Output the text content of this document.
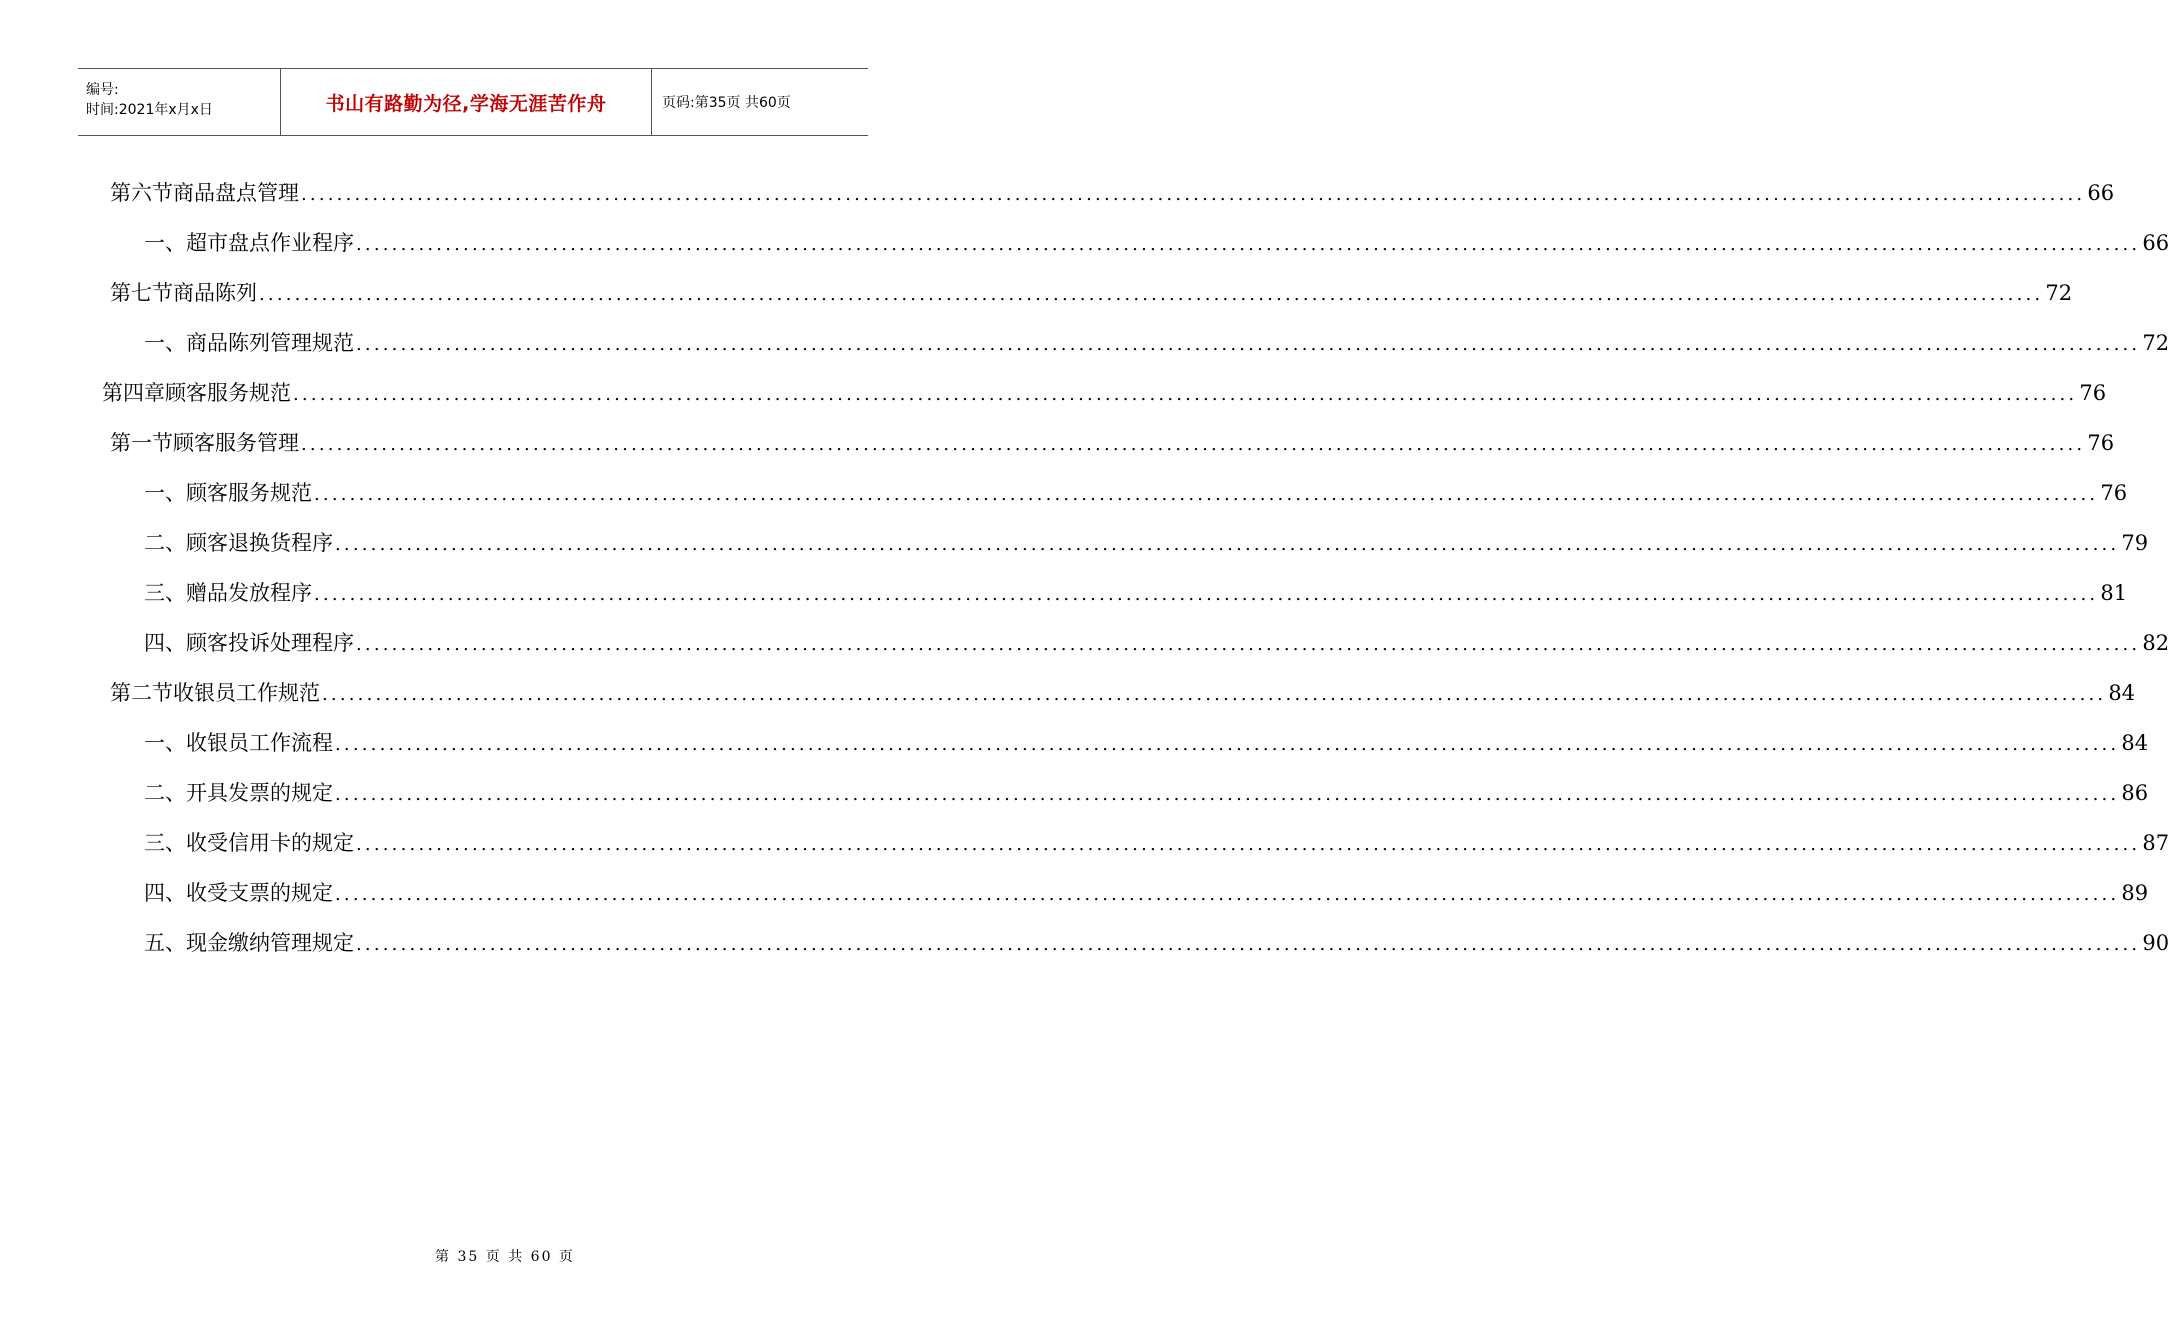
编号:
时间:2021年x月x日	书山有路勤为径,学海无涯苦作舟	页码:第35页 共60页
第六节 商品盘点管理 ........................................................................................................................................................................................................ 66
一、 超市盘点作业程序 ........................................................................................................................................................................................................ 66
第七节 商品陈列 ........................................................................................................................................................................................................ 72
一、 商品陈列管理规范 ........................................................................................................................................................................................................ 72
第四章 顾客服务规范 ........................................................................................................................................................................................................ 76
第一节 顾客服务管理 ........................................................................................................................................................................................................ 76
一、 顾客服务规范 ........................................................................................................................................................................................................ 76
二、 顾客退换货程序 ........................................................................................................................................................................................................ 79
三、 赠品发放程序 ........................................................................................................................................................................................................ 81
四、 顾客投诉处理程序 ........................................................................................................................................................................................................ 82
第二节 收银员工作规范 ........................................................................................................................................................................................................ 84
一、 收银员工作流程 ........................................................................................................................................................................................................ 84
二、 开具发票的规定 ........................................................................................................................................................................................................ 86
三、 收受信用卡的规定 ........................................................................................................................................................................................................ 87
四、 收受支票的规定 ........................................................................................................................................................................................................ 89
五、 现金缴纳管理规定 ........................................................................................................................................................................................................ 90
第 35 页 共 60 页
